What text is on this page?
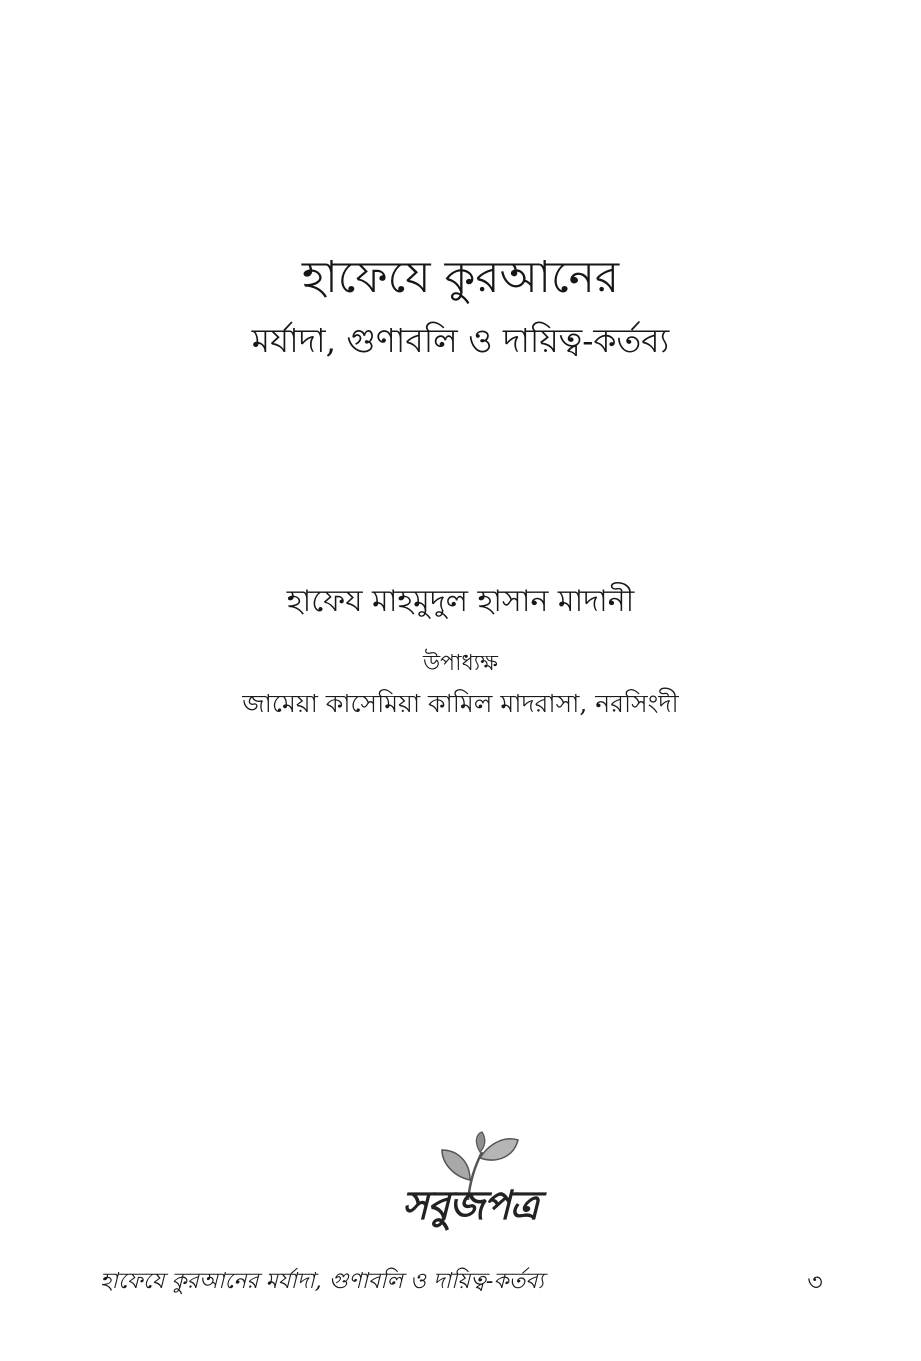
হাফেযে কুরআনের
মর্যাদা, গুণাবলি ও দায়িত্ব-কর্তব্য
হাফেয মাহমুদুল হাসান মাদানী
উপাধ্যক্ষ
জামেয়া কাসেমিয়া কামিল মাদরাসা, নরসিংদী
সবুজপত্র
হাফেযে কুরআনের মর্যাদা, গুণাবলি ও দায়িত্ব-কর্তব্য	৩
